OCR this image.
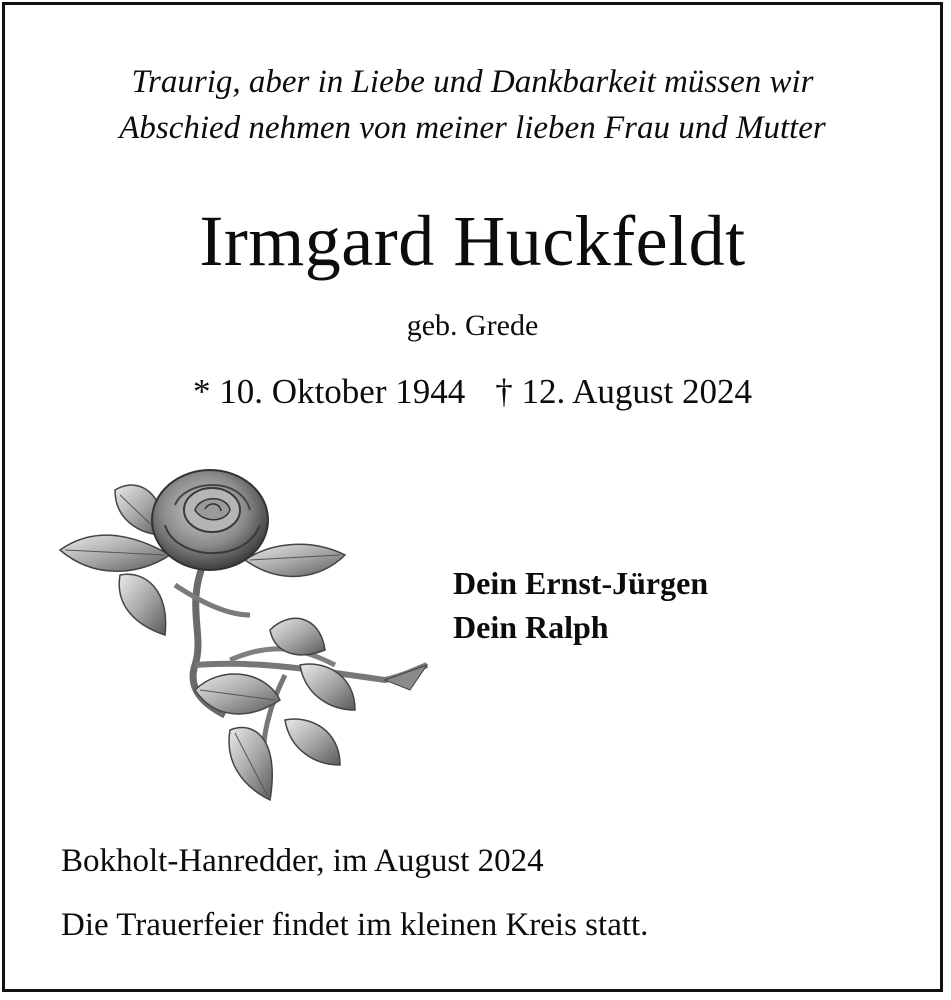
Traurig, aber in Liebe und Dankbarkeit müssen wir
Abschied nehmen von meiner lieben Frau und Mutter

Irmgard Huckfeldt
geb. Grede
* 10. Oktober 1944 † 12. August 2024
Dein Ernst-Jürgen
Dein Ralph
Bokholt-Hanredder, im August 2024
Die Trauerfeier findet im kleinen Kreis statt.
